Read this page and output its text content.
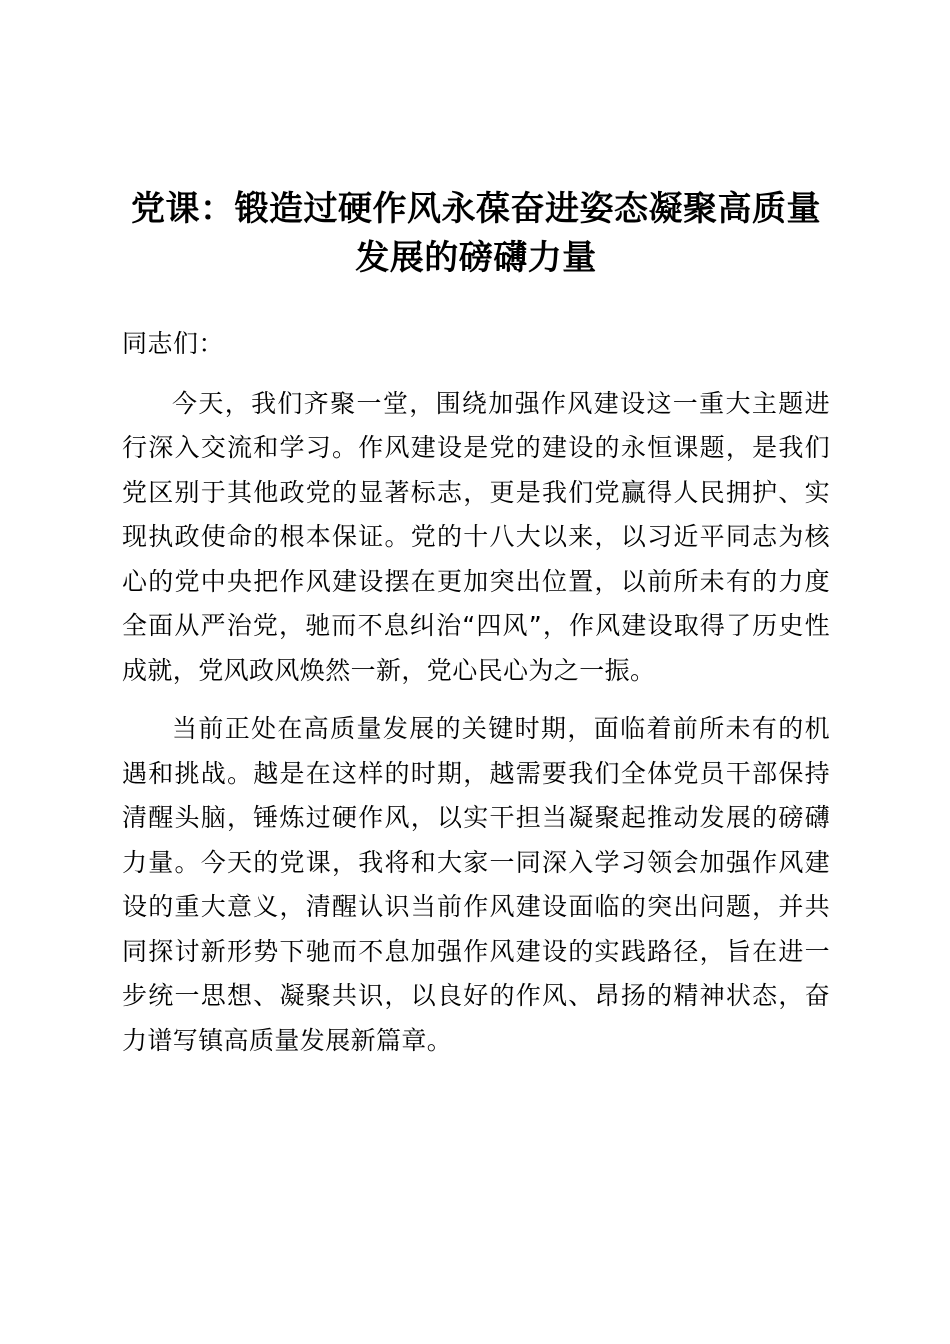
党课：锻造过硬作风永葆奋进姿态凝聚高质量发展的磅礴力量

同志们：

今天，我们齐聚一堂，围绕加强作风建设这一重大主题进行深入交流和学习。作风建设是党的建设的永恒课题，是我们党区别于其他政党的显著标志，更是我们党赢得人民拥护、实现执政使命的根本保证。党的十八大以来，以习近平同志为核心的党中央把作风建设摆在更加突出位置，以前所未有的力度全面从严治党，驰而不息纠治“四风”，作风建设取得了历史性成就，党风政风焕然一新，党心民心为之一振。

当前正处在高质量发展的关键时期，面临着前所未有的机遇和挑战。越是在这样的时期，越需要我们全体党员干部保持清醒头脑，锤炼过硬作风，以实干担当凝聚起推动发展的磅礴力量。今天的党课，我将和大家一同深入学习领会加强作风建设的重大意义，清醒认识当前作风建设面临的突出问题，并共同探讨新形势下驰而不息加强作风建设的实践路径，旨在进一步统一思想、凝聚共识，以良好的作风、昂扬的精神状态，奋力谱写镇高质量发展新篇章。
